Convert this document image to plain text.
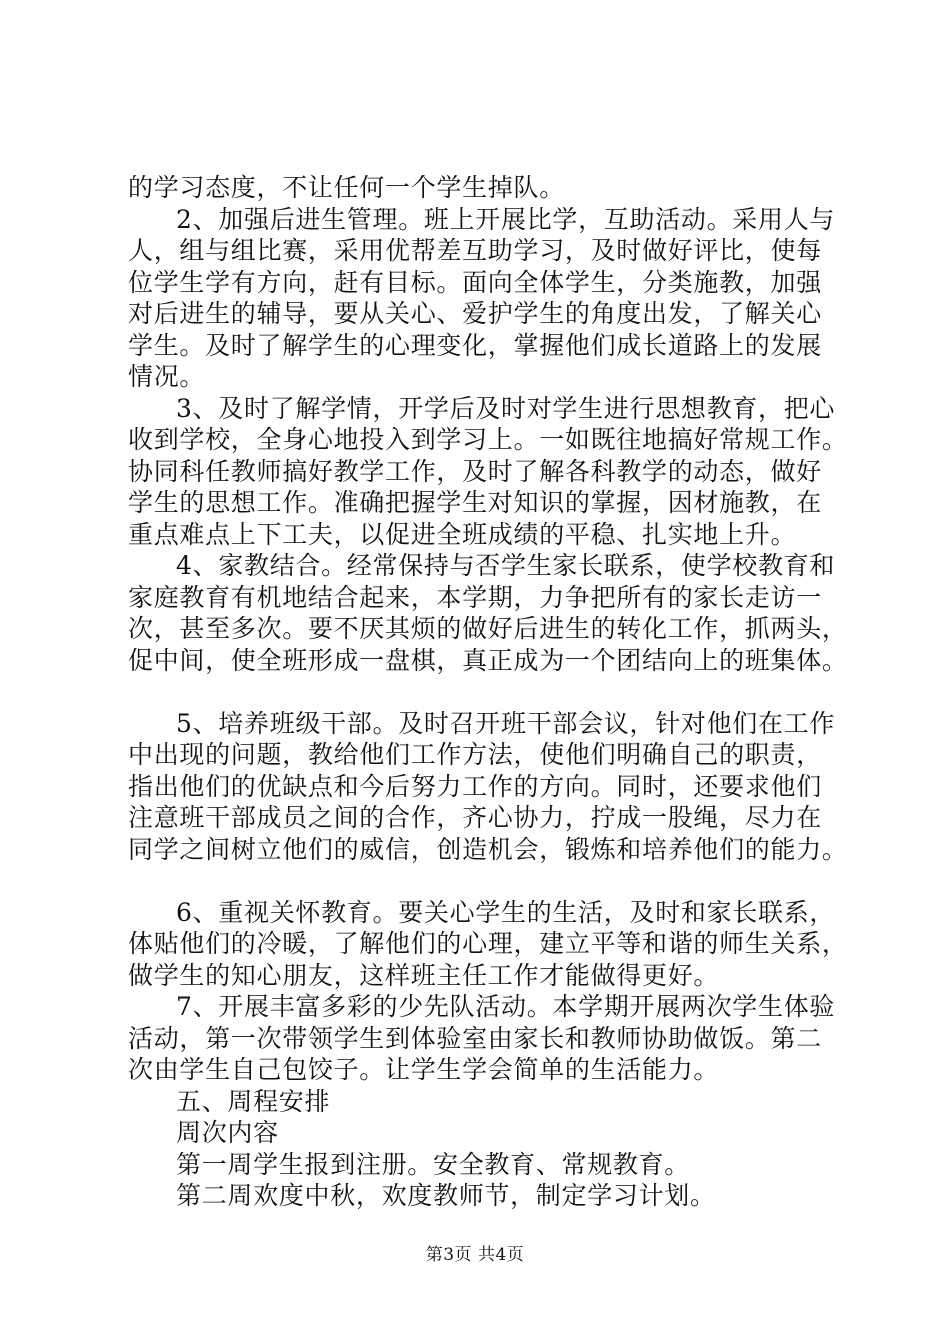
的学习态度，不让任何一个学生掉队。
2、加强后进生管理。班上开展比学，互助活动。采用人与
人，组与组比赛，采用优帮差互助学习，及时做好评比，使每
位学生学有方向，赶有目标。面向全体学生，分类施教，加强
对后进生的辅导，要从关心、爱护学生的角度出发，了解关心
学生。及时了解学生的心理变化，掌握他们成长道路上的发展
情况。
3、及时了解学情，开学后及时对学生进行思想教育，把心
收到学校，全身心地投入到学习上。一如既往地搞好常规工作。
协同科任教师搞好教学工作，及时了解各科教学的动态，做好
学生的思想工作。准确把握学生对知识的掌握，因材施教，在
重点难点上下工夫，以促进全班成绩的平稳、扎实地上升。
4、家教结合。经常保持与否学生家长联系，使学校教育和
家庭教育有机地结合起来，本学期，力争把所有的家长走访一
次，甚至多次。要不厌其烦的做好后进生的转化工作，抓两头，
促中间，使全班形成一盘棋，真正成为一个团结向上的班集体。
5、培养班级干部。及时召开班干部会议，针对他们在工作
中出现的问题，教给他们工作方法，使他们明确自己的职责，
指出他们的优缺点和今后努力工作的方向。同时，还要求他们
注意班干部成员之间的合作，齐心协力，拧成一股绳，尽力在
同学之间树立他们的威信，创造机会，锻炼和培养他们的能力。
6、重视关怀教育。要关心学生的生活，及时和家长联系，
体贴他们的冷暖，了解他们的心理，建立平等和谐的师生关系，
做学生的知心朋友，这样班主任工作才能做得更好。
7、开展丰富多彩的少先队活动。本学期开展两次学生体验
活动，第一次带领学生到体验室由家长和教师协助做饭。第二
次由学生自己包饺子。让学生学会简单的生活能力。
五、周程安排
周次内容
第一周学生报到注册。安全教育、常规教育。
第二周欢度中秋，欢度教师节，制定学习计划。
第3页 共4页
